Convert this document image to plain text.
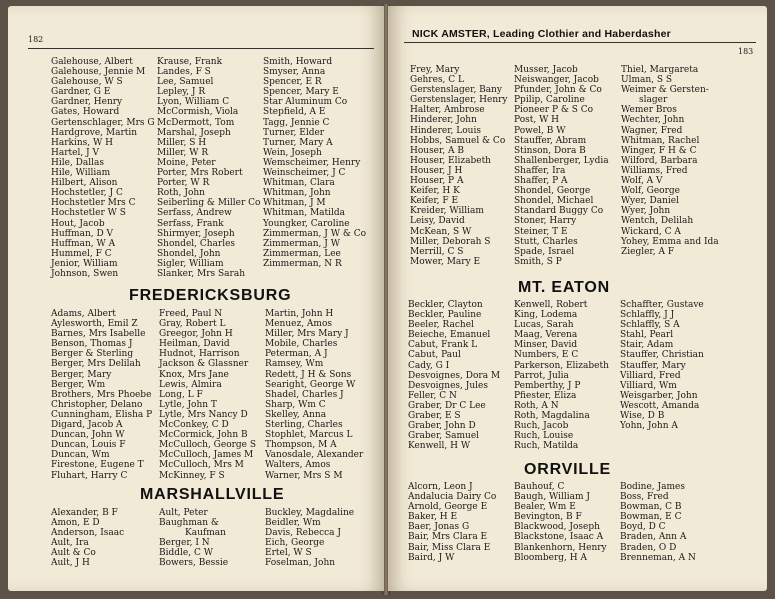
182
Galehouse, Albert
Galehouse, Jennie M
Galehouse, W S
Gardner, G E
Gardner, Henry
Gates, Howard
Gertenschlager, Mrs G
Hardgrove, Martin
Harkins, W H
Hartel, J V
Hile, Dallas
Hile, William
Hilbert, Alison
Hochstetler, J C
Hochstetler Mrs C
Hochstetler W S
Hout, Jacob
Huffman, D V
Huffman, W A
Hummel, F C
Jenior, William
Johnson, Swen
Krause, Frank
Landes, F S
Lee, Samuel
Lepley, J R
Lyon, William C
McCormish, Viola
McDermott, Tom
Marshal, Joseph
Miller, S H
Miller, W R
Moine, Peter
Porter, Mrs Robert
Porter, W R
Roth, John
Seiberling & Miller Co
Serfass, Andrew
Serfass, Frank
Shirmyer, Joseph
Shondel, Charles
Shondel, John
Sigler, William
Slanker, Mrs Sarah
Smith, Howard
Smyser, Anna
Spencer, E R
Spencer, Mary E
Star Aluminum Co
Stepfield, A E
Tagg, Jennie C
Turner, Elder
Turner, Mary A
Wein, Joseph
Wemscheimer, Henry
Weinscheimer, J C
Whitman, Clara
Whitman, John
Whitman, J M
Whitman, Matilda
Youngker, Caroline
Zimmerman, J W & Co
Zimmerman, J W
Zimmerman, Lee
Zimmerman, N R
FREDERICKSBURG
Adams, Albert
Aylesworth, Emil Z
Barnes, Mrs Isabelle
Benson, Thomas J
Berger & Sterling
Berger, Mrs Delilah
Berger, Mary
Berger, Wm
Brothers, Mrs Phoebe
Christopher, Delano
Cunningham, Elisha P
Digard, Jacob A
Duncan, John W
Duncan, Louis F
Duncan, Wm
Firestone, Eugene T
Fluhart, Harry C
Freed, Paul N
Gray, Robert L
Greegor, John H
Heilman, David
Hudnot, Harrison
Jackson & Glassner
Knox, Mrs Jane
Lewis, Almira
Long, L F
Lytle, John T
Lytle, Mrs Nancy D
McConkey, C D
McCormick, John B
McCulloch, George S
McCulloch, James M
McCulloch, Mrs M
McKinney, F S
Martin, John H
Menuez, Amos
Miller, Mrs Mary J
Mobile, Charles
Peterman, A J
Ramsey, Wm
Redett, J H & Sons
Searight, George W
Shadel, Charles J
Sharp, Wm C
Skelley, Anna
Sterling, Charles
Stophlet, Marcus L
Thompson, M A
Vanosdale, Alexander
Walters, Amos
Warner, Mrs S M
MARSHALLVILLE
Alexander, B F
Amon, E D
Anderson, Isaac
Ault, Ira
Ault & Co
Ault, J H
Ault, Peter
Baughman &
Kaufman
Berger, I N
Biddle, C W
Bowers, Bessie
Buckley, Magdaline
Beidler, Wm
Davis, Rebecca J
Eich, George
Ertel, W S
Foselman, John
NICK AMSTER, Leading Clothier and Haberdasher
183
Frey, Mary
Gehres, C L
Gerstenslager, Bany
Gerstenslager, Henry
Halter, Ambrose
Hinderer, John
Hinderer, Louis
Hobbs, Samuel & Co
Houser, A B
Houser, Elizabeth
Houser, J H
Houser, P A
Keifer, H K
Keifer, F E
Kreider, William
Leisy, David
McKean, S W
Miller, Deborah S
Merrill, C S
Mower, Mary E
Musser, Jacob
Neiswanger, Jacob
Pfunder, John & Co
Ppilip, Caroline
Pioneer P & S Co
Post, W H
Powel, B W
Stauffer, Abram
Stinson, Dora B
Shallenberger, Lydia
Shaffer, Ira
Shaffer, P A
Shondel, George
Shondel, Michael
Standard Buggy Co
Stoner, Harry
Steiner, T E
Stutt, Charles
Spade, Israel
Smith, S P
Thiel, Margareta
Ulman, S S
Weimer & Gersten-
slager
Wemer Bros
Wechter, John
Wagner, Fred
Whitman, Rachel
Winger, F H & C
Wilford, Barbara
Williams, Fred
Wolf, A V
Wolf, George
Wyer, Daniel
Wyer, John
Wentch, Delilah
Wickard, C A
Yohey, Emma and Ida
Ziegler, A F
MT. EATON
Beckler, Clayton
Beckler, Pauline
Beeler, Rachel
Beieche, Emanuel
Cabut, Frank L
Cabut, Paul
Cady, G I
Desvoignes, Dora M
Desvoignes, Jules
Feller, C N
Graber, Dr C Lee
Graber, E S
Graber, John D
Graber, Samuel
Kenwell, H W
Kenwell, Robert
King, Lodema
Lucas, Sarah
Maag, Verena
Minser, David
Numbers, E C
Parkerson, Elizabeth
Parrot, Julia
Pemberthy, J P
Pfiester, Eliza
Roth, A N
Roth, Magdalina
Ruch, Jacob
Ruch, Louise
Ruch, Matilda
Schaffter, Gustave
Schlaffly, J J
Schlaffly, S A
Stahl, Pearl
Stair, Adam
Stauffer, Christian
Stauffer, Mary
Villiard, Fred
Villiard, Wm
Weisgarber, John
Wescott, Amanda
Wise, D B
Yohn, John A
ORRVILLE
Alcorn, Leon J
Andalucia Dairy Co
Arnold, George E
Baker, H E
Baer, Jonas G
Bair, Mrs Clara E
Bair, Miss Clara E
Baird, J W
Bauhouf, C
Baugh, William J
Bealer, Wm E
Bevington, B F
Blackwood, Joseph
Blackstone, Isaac A
Blankenhorn, Henry
Bloomberg, H A
Bodine, James
Boss, Fred
Bowman, C B
Bowman, E C
Boyd, D C
Braden, Ann A
Braden, O D
Brenneman, A N
